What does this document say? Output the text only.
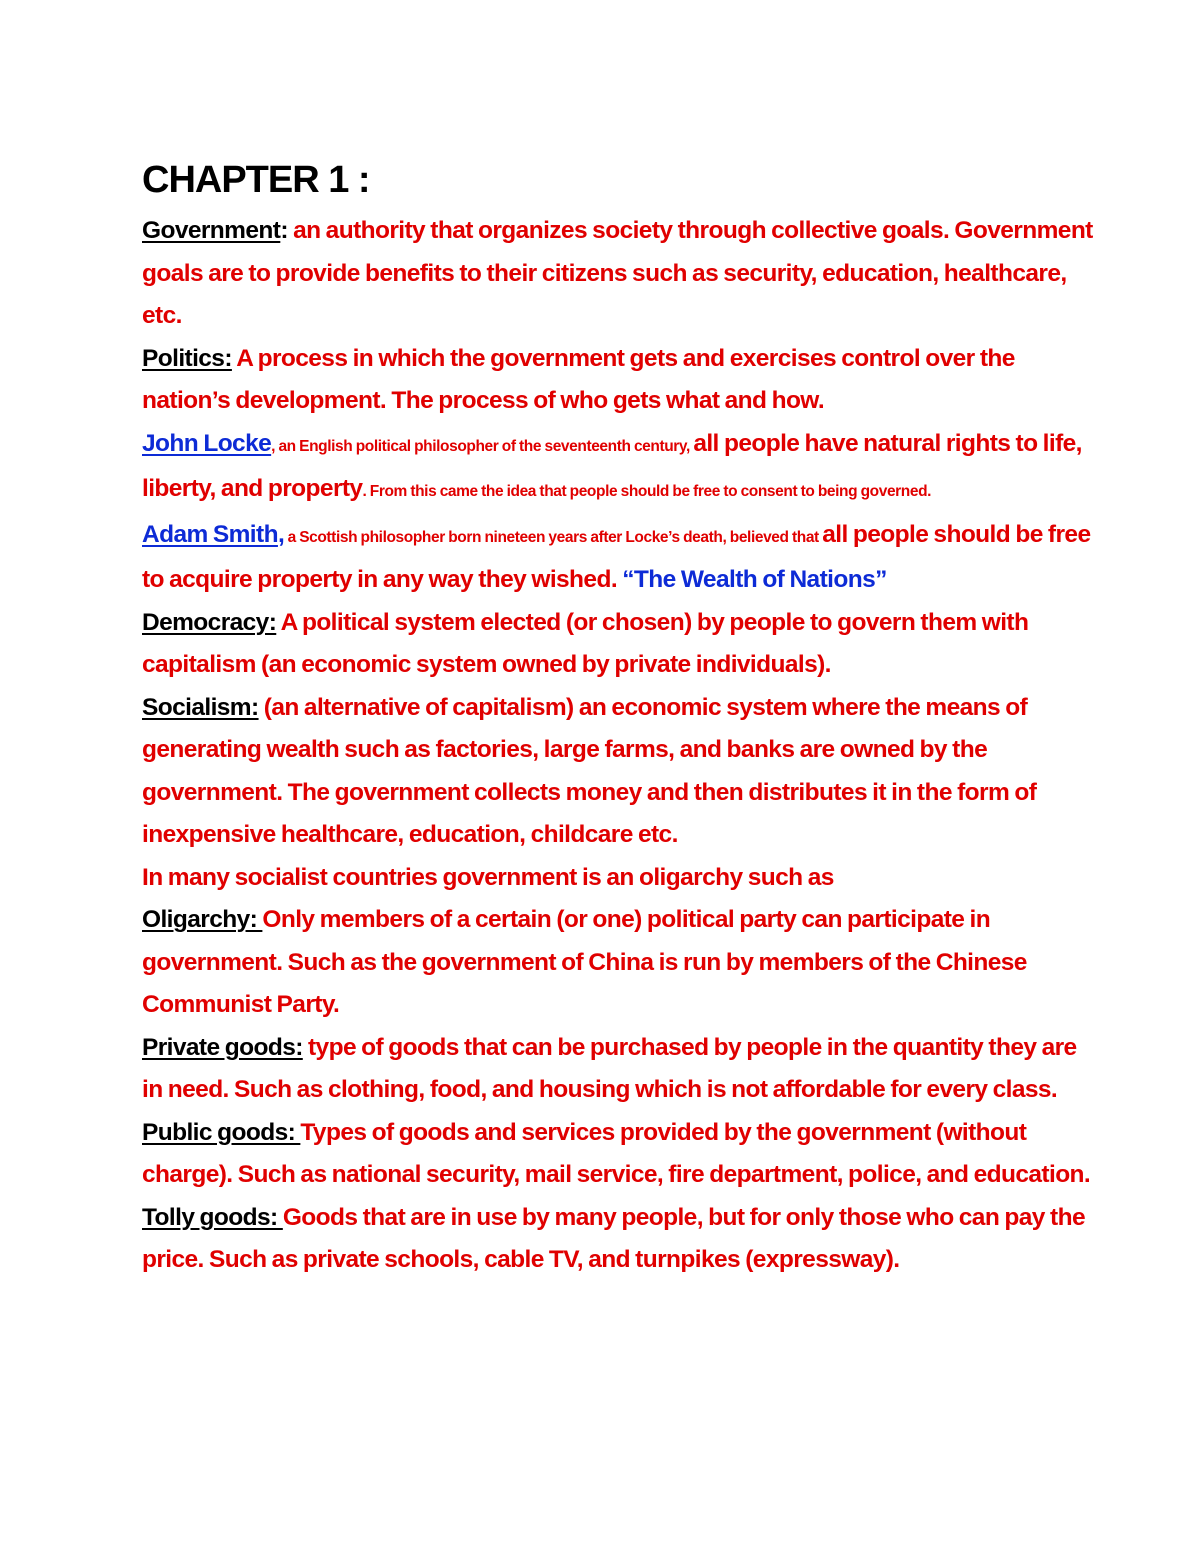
CHAPTER 1 :

Government: an authority that organizes society through collective goals. Government goals are to provide benefits to their citizens such as security, education, healthcare, etc.

Politics: A process in which the government gets and exercises control over the nation’s development. The process of who gets what and how.

John Locke, an English political philosopher of the seventeenth century, all people have natural rights to life, liberty, and property. From this came the idea that people should be free to consent to being governed.

Adam Smith, a Scottish philosopher born nineteen years after Locke’s death, believed that all people should be free to acquire property in any way they wished. “The Wealth of Nations”

Democracy: A political system elected (or chosen) by people to govern them with capitalism (an economic system owned by private individuals).

Socialism: (an alternative of capitalism) an economic system where the means of generating wealth such as factories, large farms, and banks are owned by the government. The government collects money and then distributes it in the form of inexpensive healthcare, education, childcare etc.

In many socialist countries government is an oligarchy such as

Oligarchy: Only members of a certain (or one) political party can participate in government. Such as the government of China is run by members of the Chinese Communist Party.

Private goods: type of goods that can be purchased by people in the quantity they are in need. Such as clothing, food, and housing which is not affordable for every class.

Public goods: Types of goods and services provided by the government (without charge). Such as national security, mail service, fire department, police, and education.

Tolly goods: Goods that are in use by many people, but for only those who can pay the price. Such as private schools, cable TV, and turnpikes (expressway).
